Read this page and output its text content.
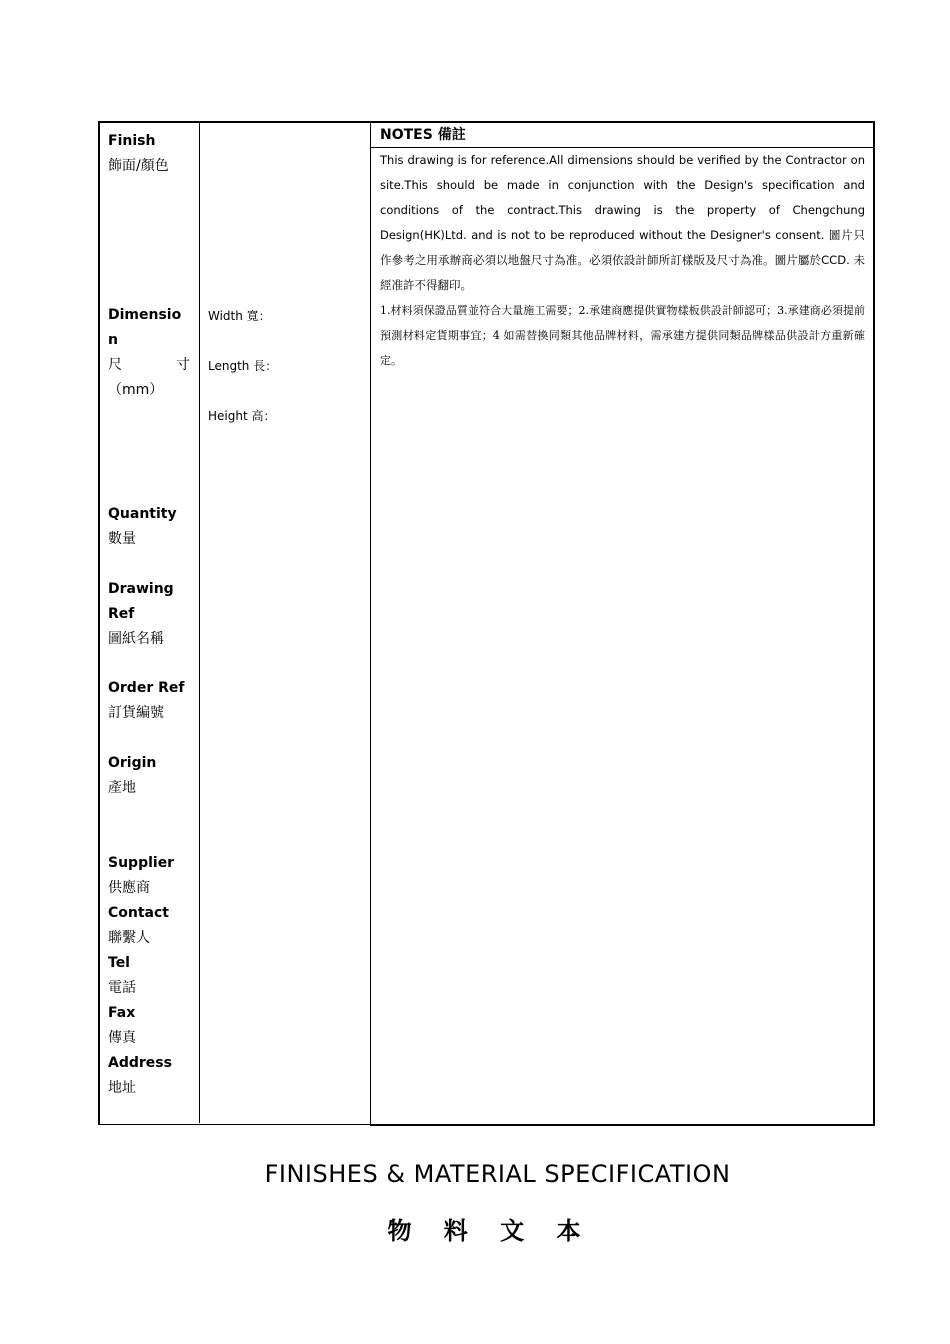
Finish
飾面/顏色
Dimensio
n
尺	寸
（mm）
Quantity
數量
Drawing
Ref
圖紙名稱
Order Ref
訂貨編號
Origin
產地
Supplier
供應商
Contact
聯繫人
Tel
電話
Fax
傳真
Address
地址
Width 寬：
Length 長：
Height 高：
NOTES 備註
This drawing is for reference.All dimensions should be verified by the Contractor on site.This should be made in conjunction with the Design's specification and conditions of the contract.This drawing is the property of Chengchung Design(HK)Ltd. and is not to be reproduced without the Designer's consent. 圖片只作參考之用承辦商必須以地盤尺寸為准。必須依設計師所訂樣版及尺寸為准。圖片屬於CCD. 未經准許不得翻印。
1.材料須保證品質並符合大量施工需要；2.承建商應提供實物樣板供設計師認可；3.承建商必須提前預測材料定貨期事宜；4 如需替換同類其他品牌材料，需承建方提供同類品牌樣品供設計方重新確定。
FINISHES & MATERIAL SPECIFICATION
物 料 文 本
